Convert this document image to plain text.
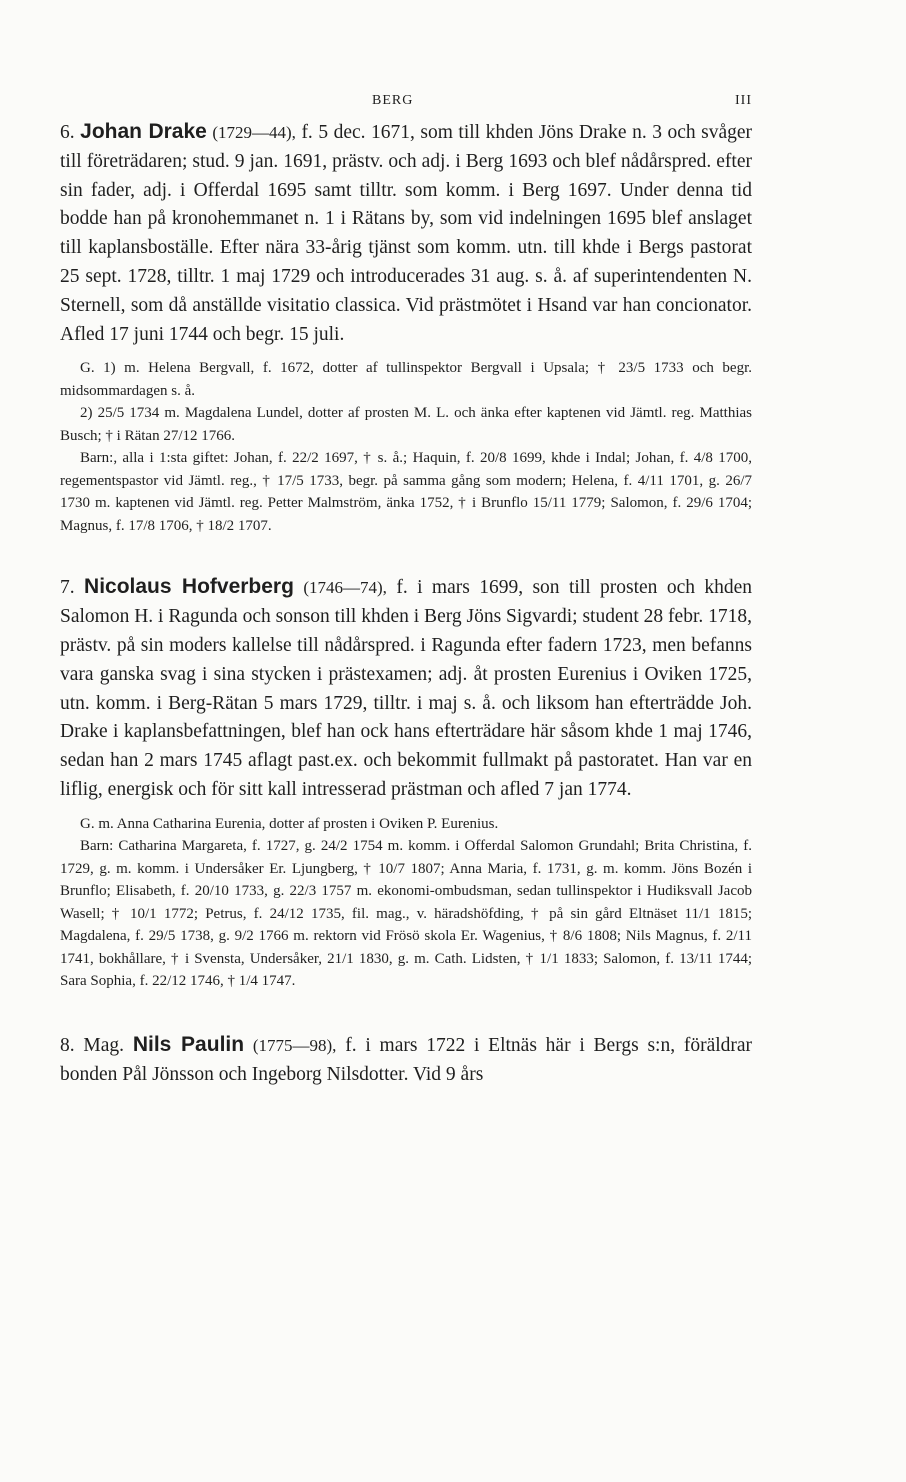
BERG	III

6. Johan Drake (1729—44), f. 5 dec. 1671, som till khden Jöns Drake n. 3 och svåger till företrädaren; stud. 9 jan. 1691, prästv. och adj. i Berg 1693 och blef nådårspred. efter sin fader, adj. i Offerdal 1695 samt tilltr. som komm. i Berg 1697. Under denna tid bodde han på kronohemmanet n. 1 i Rätans by, som vid indelningen 1695 blef anslaget till kaplansboställe. Efter nära 33-årig tjänst som komm. utn. till khde i Bergs pastorat 25 sept. 1728, tilltr. 1 maj 1729 och introducerades 31 aug. s. å. af superintendenten N. Sternell, som då anställde visitatio classica. Vid prästmötet i Hsand var han concionator. Afled 17 juni 1744 och begr. 15 juli.

G. 1) m. Helena Bergvall, f. 1672, dotter af tullinspektor Bergvall i Upsala; † 23/5 1733 och begr. midsommardagen s. å.

2) 25/5 1734 m. Magdalena Lundel, dotter af prosten M. L. och änka efter kaptenen vid Jämtl. reg. Matthias Busch; † i Rätan 27/12 1766.

Barn:, alla i 1:sta giftet: Johan, f. 22/2 1697, † s. å.; Haquin, f. 20/8 1699, khde i Indal; Johan, f. 4/8 1700, regementspastor vid Jämtl. reg., † 17/5 1733, begr. på samma gång som modern; Helena, f. 4/11 1701, g. 26/7 1730 m. kaptenen vid Jämtl. reg. Petter Malmström, änka 1752, † i Brunflo 15/11 1779; Salomon, f. 29/6 1704; Magnus, f. 17/8 1706, † 18/2 1707.

7. Nicolaus Hofverberg (1746—74), f. i mars 1699, son till prosten och khden Salomon H. i Ragunda och sonson till khden i Berg Jöns Sigvardi; student 28 febr. 1718, prästv. på sin moders kallelse till nådårspred. i Ragunda efter fadern 1723, men befanns vara ganska svag i sina stycken i prästexamen; adj. åt prosten Eurenius i Oviken 1725, utn. komm. i Berg-Rätan 5 mars 1729, tilltr. i maj s. å. och liksom han efterträdde Joh. Drake i kaplansbefattningen, blef han ock hans efterträdare här såsom khde 1 maj 1746, sedan han 2 mars 1745 aflagt past.ex. och bekommit fullmakt på pastoratet. Han var en liflig, energisk och för sitt kall intresserad prästman och afled 7 jan 1774.

G. m. Anna Catharina Eurenia, dotter af prosten i Oviken P. Eurenius.

Barn: Catharina Margareta, f. 1727, g. 24/2 1754 m. komm. i Offerdal Salomon Grundahl; Brita Christina, f. 1729, g. m. komm. i Undersåker Er. Ljungberg, † 10/7 1807; Anna Maria, f. 1731, g. m. komm. Jöns Bozén i Brunflo; Elisabeth, f. 20/10 1733, g. 22/3 1757 m. ekonomi-ombudsman, sedan tullinspektor i Hudiksvall Jacob Wasell; † 10/1 1772; Petrus, f. 24/12 1735, fil. mag., v. häradshöfding, † på sin gård Eltnäset 11/1 1815; Magdalena, f. 29/5 1738, g. 9/2 1766 m. rektorn vid Frösö skola Er. Wagenius, † 8/6 1808; Nils Magnus, f. 2/11 1741, bokhållare, † i Svensta, Undersåker, 21/1 1830, g. m. Cath. Lidsten, † 1/1 1833; Salomon, f. 13/11 1744; Sara Sophia, f. 22/12 1746, † 1/4 1747.

8. Mag. Nils Paulin (1775—98), f. i mars 1722 i Eltnäs här i Bergs s:n, föräldrar bonden Pål Jönsson och Ingeborg Nilsdotter. Vid 9 års
